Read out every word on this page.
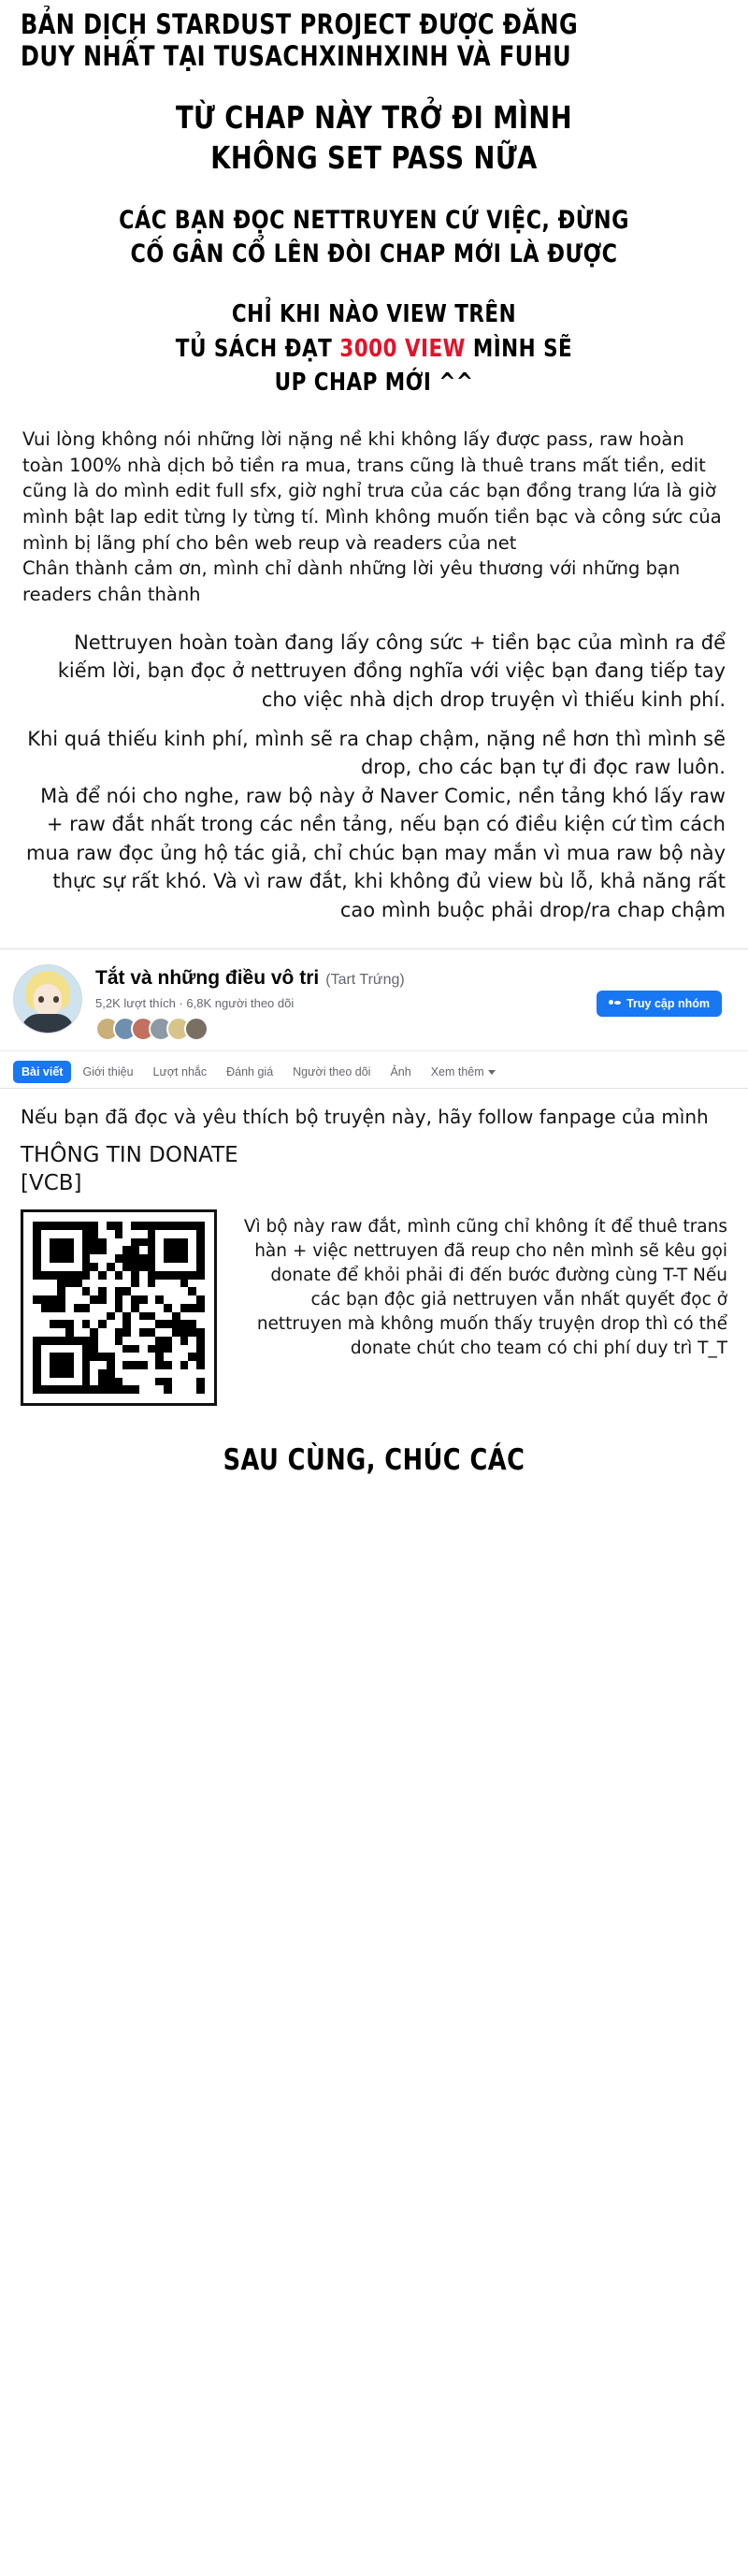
BẢN DỊCH STARDUST PROJECT ĐƯỢC ĐĂNG
DUY NHẤT TẠI TUSACHXINHXINH VÀ FUHU
TỪ CHAP NÀY TRỞ ĐI MÌNH
KHÔNG SET PASS NỮA
CÁC BẠN ĐỌC NETTRUYEN CỨ VIỆC, ĐỪNG
CỐ GÂN CỔ LÊN ĐÒI CHAP MỚI LÀ ĐƯỢC
CHỈ KHI NÀO VIEW TRÊN
TỦ SÁCH ĐẠT 3000 VIEW MÌNH SẼ
UP CHAP MỚI ^^

Vui lòng không nói những lời nặng nề khi không lấy được pass, raw hoàn toàn 100% nhà dịch bỏ tiền ra mua, trans cũng là thuê trans mất tiền, edit cũng là do mình edit full sfx, giờ nghỉ trưa của các bạn đồng trang lứa là giờ mình bật lap edit từng ly từng tí. Mình không muốn tiền bạc và công sức của mình bị lãng phí cho bên web reup và readers của net

Chân thành cảm ơn, mình chỉ dành những lời yêu thương với những bạn readers chân thành

Nettruyen hoàn toàn đang lấy công sức + tiền bạc của mình ra để kiếm lời, bạn đọc ở nettruyen đồng nghĩa với việc bạn đang tiếp tay cho việc nhà dịch drop truyện vì thiếu kinh phí.

Khi quá thiếu kinh phí, mình sẽ ra chap chậm, nặng nề hơn thì mình sẽ drop, cho các bạn tự đi đọc raw luôn.

Mà để nói cho nghe, raw bộ này ở Naver Comic, nền tảng khó lấy raw + raw đắt nhất trong các nền tảng, nếu bạn có điều kiện cứ tìm cách mua raw đọc ủng hộ tác giả, chỉ chúc bạn may mắn vì mua raw bộ này thực sự rất khó. Và vì raw đắt, khi không đủ view bù lỗ, khả năng rất cao mình buộc phải drop/ra chap chậm

Tắt và những điều vô tri (Tart Trứng)
5,2K lượt thích · 6,8K người theo dõi	Truy cập nhóm
Bài viết	Giới thiệu	Lượt nhắc	Đánh giá	Người theo dõi	Ảnh	Xem thêm
Nếu bạn đã đọc và yêu thích bộ truyện này, hãy follow fanpage của mình
THÔNG TIN DONATE
[VCB]
Vì bộ này raw đắt, mình cũng chỉ không ít để thuê trans hàn + việc nettruyen đã reup cho nên mình sẽ kêu gọi donate để khỏi phải đi đến bước đường cùng T-T Nếu các bạn độc giả nettruyen vẫn nhất quyết đọc ở nettruyen mà không muốn thấy truyện drop thì có thể donate chút cho team có chi phí duy trì T_T
SAU CÙNG, CHÚC CÁC
